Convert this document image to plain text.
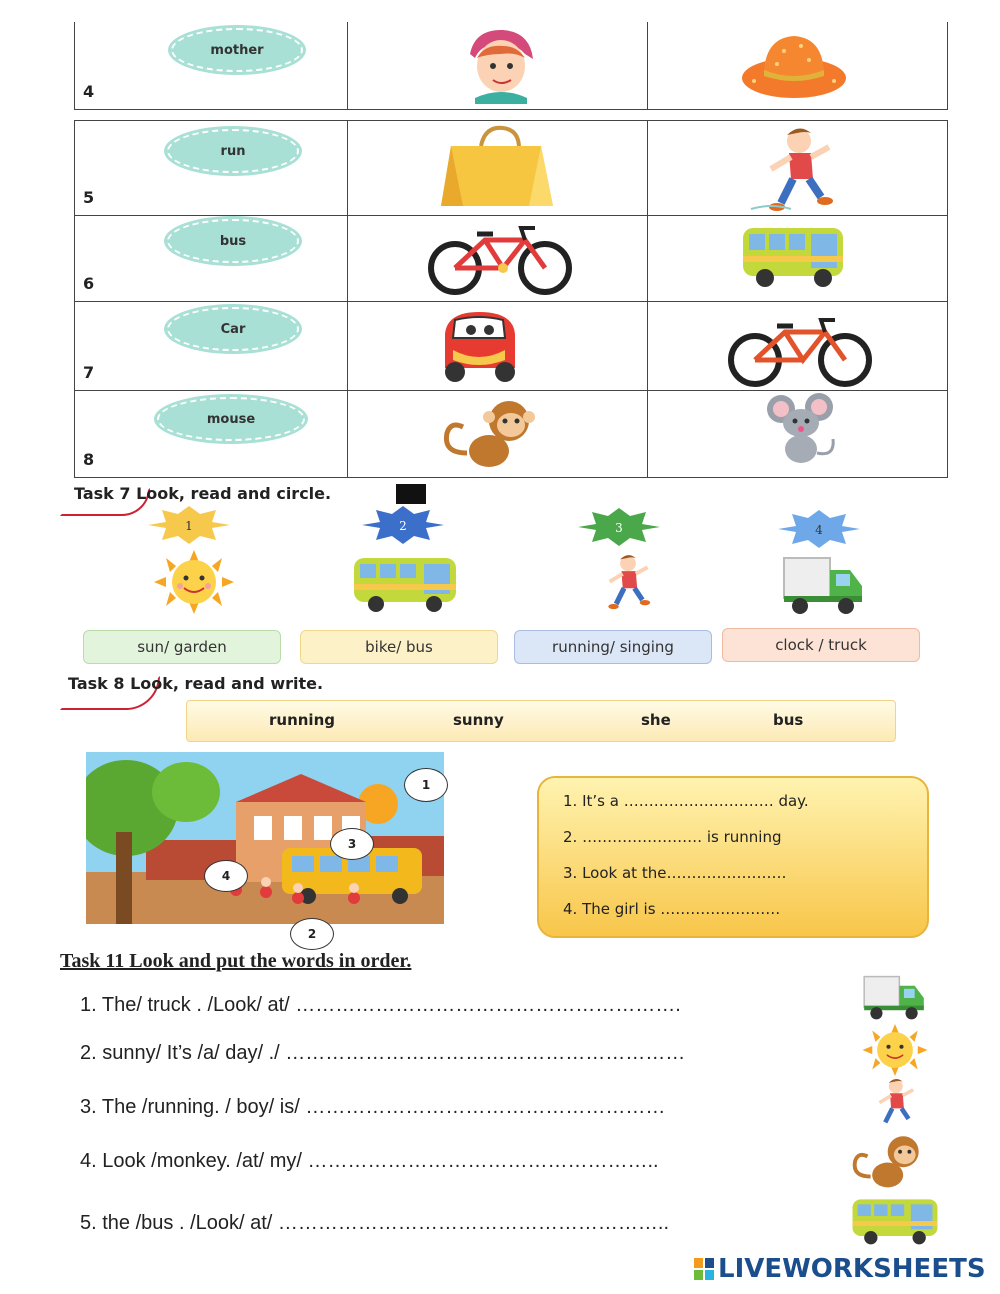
4
mother
5
run
6
bus
7
Car
8
mouse
Task 7 Look, read and circle.
1	2	3	4
sun/ garden	bike/ bus	running/ singing	clock / truck
Task 8 Look, read and write.
running	sunny	she	bus
1
2
3
4
1. It’s a ………………………… day.
2. …………………… is running
3. Look at the……………………
4. The girl is ……………………
Task 11 Look and put the words in order.
1. The/ truck . /Look/ at/ ………………………………………………….
2. sunny/ It’s /a/ day/ ./ ……………………………………………………
3. The /running. / boy/ is/ ………………………………………………
4. Look /monkey. /at/ my/ ……………………………………………..
5. the /bus . /Look/ at/ …………………………………………………..
LIVEWORKSHEETS
